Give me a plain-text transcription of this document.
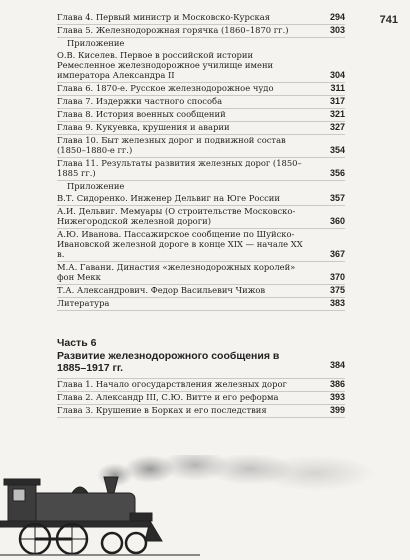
741
Глава 4. Первый министр и Московско-Курская	294
Глава 5. Железнодорожная горячка (1860–1870 гг.)	303
Приложение
О.В. Киселев. Первое в российской истории Ремесленное железнодорожное училище имени императора Александра II	304
Глава 6. 1870-е. Русское железнодорожное чудо	311
Глава 7. Издержки частного способа	317
Глава 8. История военных сообщений	321
Глава 9. Кукуевка, крушения и аварии	327
Глава 10. Быт железных дорог и подвижной состав (1850–1880-е гг.)	354
Глава 11. Результаты развития железных дорог (1850–1885 гг.)	356
Приложение
В.Т. Сидоренко. Инженер Дельвиг на Юге России	357
А.И. Дельвиг. Мемуары (О строительстве Московско-Нижегородской железной дороги)	360
А.Ю. Иванова. Пассажирское сообщение по Шуйско-Ивановской железной дороге в конце XIX — начале XX в.	367
М.А. Гавани. Династия «железнодорожных королей» фон Мекк	370
Т.А. Александрович. Федор Васильевич Чижов	375
Литература	383
Часть 6
Развитие железнодорожного сообщения в 1885–1917 гг.	384
Глава 1. Начало огосударствления железных дорог	386
Глава 2. Александр III, С.Ю. Витте и его реформа	393
Глава 3. Крушение в Борках и его последствия	399
